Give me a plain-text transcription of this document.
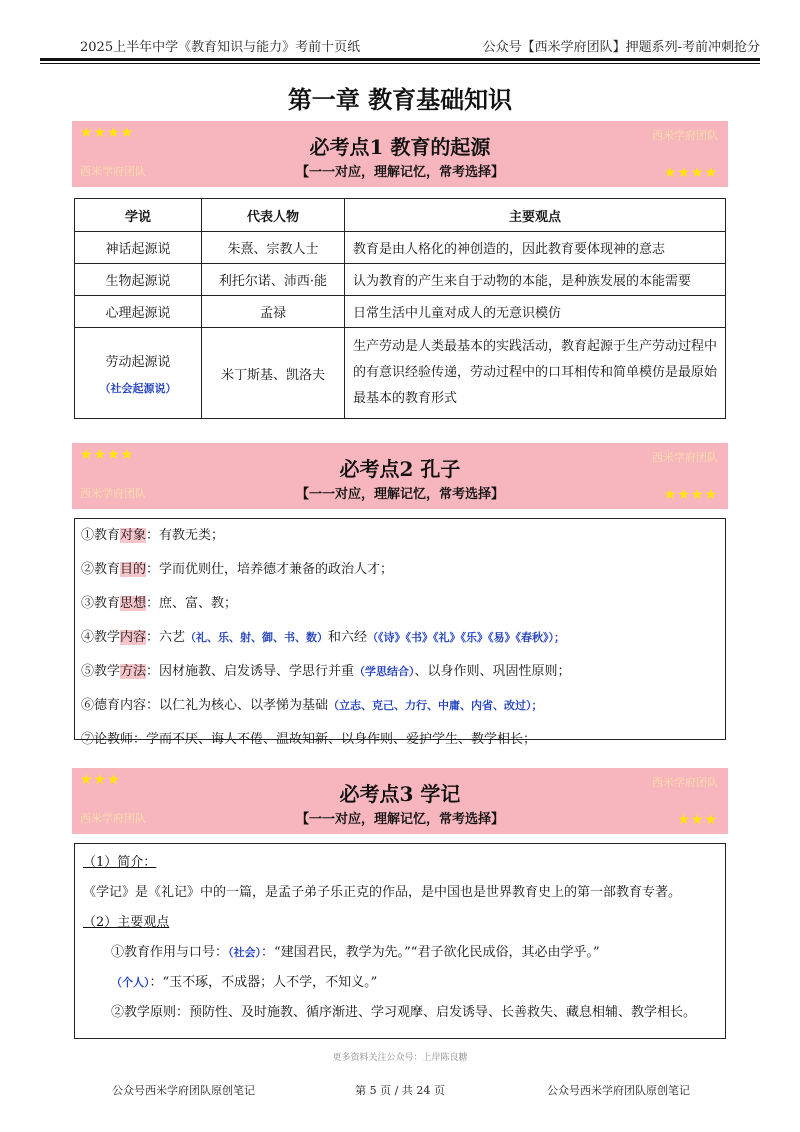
2025上半年中学《教育知识与能力》考前十页纸	公众号【西米学府团队】押题系列-考前冲刺抢分
第一章 教育基础知识
★★★★	西米学府团队
必考点1 教育的起源
【一一对应，理解记忆，常考选择】
西米学府团队	★★★★
学说	代表人物	主要观点
神话起源说	朱熹、宗教人士	教育是由人格化的神创造的，因此教育要体现神的意志
生物起源说	利托尔诺、沛西·能	认为教育的产生来自于动物的本能，是种族发展的本能需要
心理起源说	孟禄	日常生活中儿童对成人的无意识模仿

劳动起源说
（社会起源说）	米丁斯基、凯洛夫	生产劳动是人类最基本的实践活动，教育起源于生产劳动过程中的有意识经验传递，劳动过程中的口耳相传和简单模仿是最原始最基本的教育形式
★★★★	西米学府团队
必考点2 孔子
【一一对应，理解记忆，常考选择】
西米学府团队	★★★★
①教育对象：有教无类；
②教育目的：学而优则仕，培养德才兼备的政治人才；
③教育思想：庶、富、教；
④教学内容：六艺（礼、乐、射、御、书、数）和六经（《诗》《书》《礼》《乐》《易》《春秋》）；
⑤教学方法：因材施教、启发诱导、学思行并重（学思结合）、以身作则、巩固性原则；
⑥德育内容：以仁礼为核心、以孝悌为基础（立志、克己、力行、中庸、内省、改过）；
⑦论教师：学而不厌、诲人不倦、温故知新、以身作则、爱护学生、教学相长；
★★★	西米学府团队
必考点3 学记
【一一对应，理解记忆，常考选择】
西米学府团队	★★★
（1）简介：
《学记》是《礼记》中的一篇，是孟子弟子乐正克的作品，是中国也是世界教育史上的第一部教育专著。
（2）主要观点
①教育作用与口号：（社会）：“建国君民，教学为先。”“君子欲化民成俗，其必由学乎。”
（个人）：“玉不琢，不成器；人不学，不知义。”
②教学原则：预防性、及时施教、循序渐进、学习观摩、启发诱导、长善救失、藏息相辅、教学相长。
更多资料关注公众号：上岸陈良糖
公众号西米学府团队原创笔记	第 5 页 / 共 24 页	公众号西米学府团队原创笔记
